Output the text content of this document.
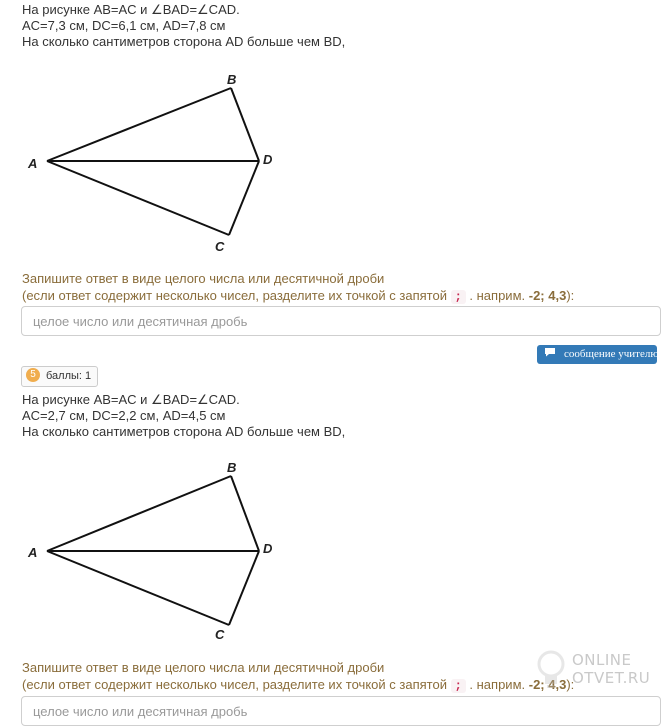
На рисунке AB=AC и ∠BAD=∠CAD.

AC=7,3 см, DC=6,1 см, AD=7,8 см

На сколько сантиметров сторона AD больше чем BD,

A
B
D
C
Запишите ответ в виде целого числа или десятичной дроби
(если ответ содержит несколько чисел, разделите их точкой с запятой ; . наприм. -2; 4,3):
целое число или десятичная дробь
сообщение учителю
5 баллы: 1

На рисунке AB=AC и ∠BAD=∠CAD.

AC=2,7 см, DC=2,2 см, AD=4,5 см

На сколько сантиметров сторона AD больше чем BD,

A
B
D
C
Запишите ответ в виде целого числа или десятичной дроби
(если ответ содержит несколько чисел, разделите их точкой с запятой ; . наприм. -2; 4,3):
целое число или десятичная дробь
ONLINE
OTVET.RU
